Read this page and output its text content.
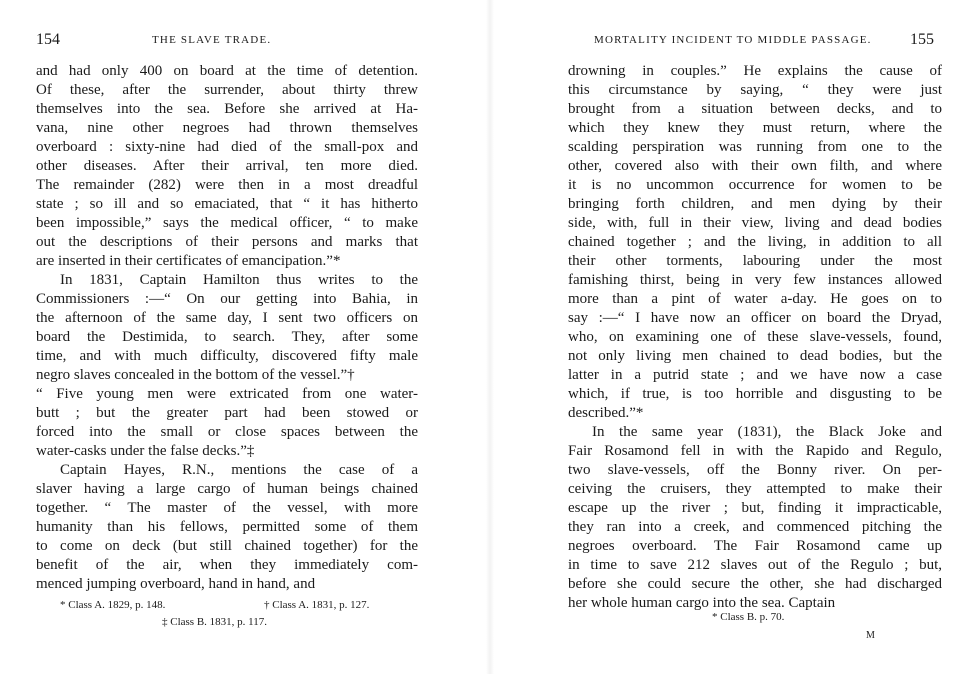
154	THE SLAVE TRADE.
and had only 400 on board at the time of detention.
Of these, after the surrender, about thirty threw
themselves into the sea. Before she arrived at Ha-
vana, nine other negroes had thrown themselves
overboard : sixty-nine had died of the small-pox and
other diseases. After their arrival, ten more died.
The remainder (282) were then in a most dreadful
state ; so ill and so emaciated, that “ it has hitherto
been impossible,” says the medical officer, “ to make
out the descriptions of their persons and marks that
are inserted in their certificates of emancipation.”*
In 1831, Captain Hamilton thus writes to the
Commissioners :—“ On our getting into Bahia, in
the afternoon of the same day, I sent two officers on
board the Destimida, to search. They, after some
time, and with much difficulty, discovered fifty male
negro slaves concealed in the bottom of the vessel.”†
“ Five young men were extricated from one water-
butt ; but the greater part had been stowed or
forced into the small or close spaces between the
water-casks under the false decks.”‡
Captain Hayes, R.N., mentions the case of a
slaver having a large cargo of human beings chained
together. “ The master of the vessel, with more
humanity than his fellows, permitted some of them
to come on deck (but still chained together) for the
benefit of the air, when they immediately com-
menced jumping overboard, hand in hand, and
* Class A. 1829, p. 148.	† Class A. 1831, p. 127.
‡ Class B. 1831, p. 117.
MORTALITY INCIDENT TO MIDDLE PASSAGE. 155
drowning in couples.” He explains the cause of
this circumstance by saying, “ they were just
brought from a situation between decks, and to
which they knew they must return, where the
scalding perspiration was running from one to the
other, covered also with their own filth, and where
it is no uncommon occurrence for women to be
bringing forth children, and men dying by their
side, with, full in their view, living and dead bodies
chained together ; and the living, in addition to all
their other torments, labouring under the most
famishing thirst, being in very few instances allowed
more than a pint of water a-day. He goes on to
say :—“ I have now an officer on board the Dryad,
who, on examining one of these slave-vessels, found,
not only living men chained to dead bodies, but the
latter in a putrid state ; and we have now a case
which, if true, is too horrible and disgusting to be
described.”*
In the same year (1831), the Black Joke and
Fair Rosamond fell in with the Rapido and Regulo,
two slave-vessels, off the Bonny river. On per-
ceiving the cruisers, they attempted to make their
escape up the river ; but, finding it impracticable,
they ran into a creek, and commenced pitching the
negroes overboard. The Fair Rosamond came up
in time to save 212 slaves out of the Regulo ; but,
before she could secure the other, she had discharged
her whole human cargo into the sea. Captain
* Class B. p. 70.
M
